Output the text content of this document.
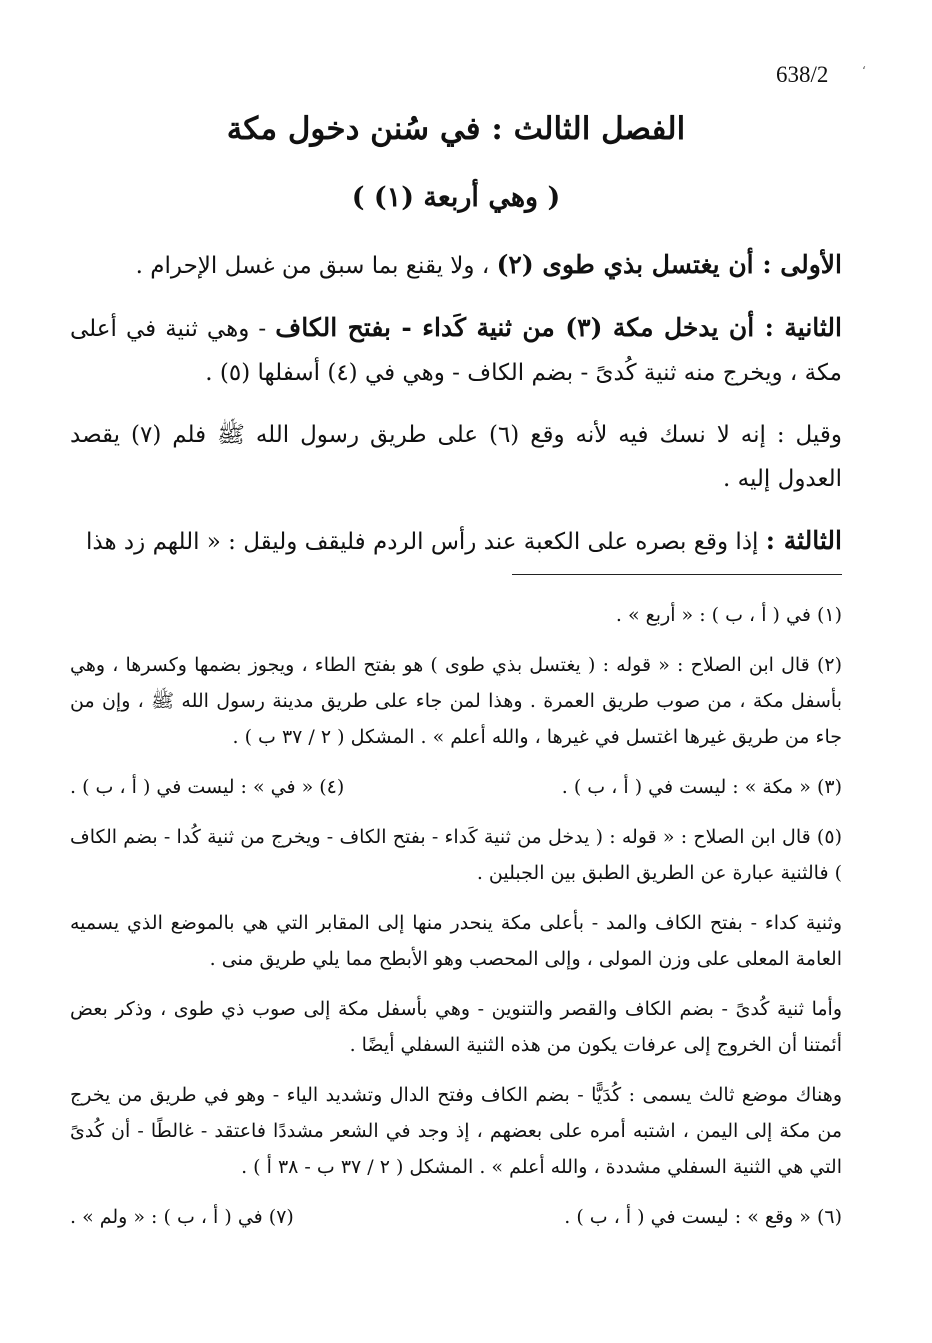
638/2	‘
الفصل الثالث : في سُنن دخول مكة
( وهي أربعة (١) )

الأولى : أن يغتسل بذي طوى (٢) ، ولا يقنع بما سبق من غسل الإحرام .

الثانية : أن يدخل مكة (٣) من ثنية كَداء - بفتح الكاف - وهي ثنية في أعلى مكة ، ويخرج منه ثنية كُدىً - بضم الكاف - وهي في (٤) أسفلها (٥) .

وقيل : إنه لا نسك فيه لأنه وقع (٦) على طريق رسول الله ﷺ فلم (٧) يقصد العدول إليه .

الثالثة : إذا وقع بصره على الكعبة عند رأس الردم فليقف وليقل : « اللهم زد هذا

(١) في ( أ ، ب ) : « أربع » .
(٢) قال ابن الصلاح : « قوله : ( يغتسل بذي طوى ) هو بفتح الطاء ، ويجوز بضمها وكسرها ، وهي بأسفل مكة ، من صوب طريق العمرة . وهذا لمن جاء على طريق مدينة رسول الله ﷺ ، وإن من جاء من طريق غيرها اغتسل في غيرها ، والله أعلم » . المشكل ( ٢ / ٣٧ ب ) .
(٣) « مكة » : ليست في ( أ ، ب ) .
(٤) « في » : ليست في ( أ ، ب ) .
(٥) قال ابن الصلاح : « قوله : ( يدخل من ثنية كَداء - بفتح الكاف - ويخرج من ثنية كُدا - بضم الكاف ) فالثنية عبارة عن الطريق الطبق بين الجبلين .
وثنية كداء - بفتح الكاف والمد - بأعلى مكة ينحدر منها إلى المقابر التي هي بالموضع الذي يسميه العامة المعلى على وزن المولى ، وإلى المحصب وهو الأبطح مما يلي طريق منى .
وأما ثنية كُدىً - بضم الكاف والقصر والتنوين - وهي بأسفل مكة إلى صوب ذي طوى ، وذكر بعض أئمتنا أن الخروج إلى عرفات يكون من هذه الثنية السفلي أيضًا .
وهناك موضع ثالث يسمى : كُدَيًّا - بضم الكاف وفتح الدال وتشديد الياء - وهو في طريق من يخرج من مكة إلى اليمن ، اشتبه أمره على بعضهم ، إذ وجد في الشعر مشددًا فاعتقد - غالطًا - أن كُدىً التي هي الثنية السفلي مشددة ، والله أعلم » . المشكل ( ٢ / ٣٧ ب - ٣٨ أ ) .
(٦) « وقع » : ليست في ( أ ، ب ) .
(٧) في ( أ ، ب ) : « ولم » .
